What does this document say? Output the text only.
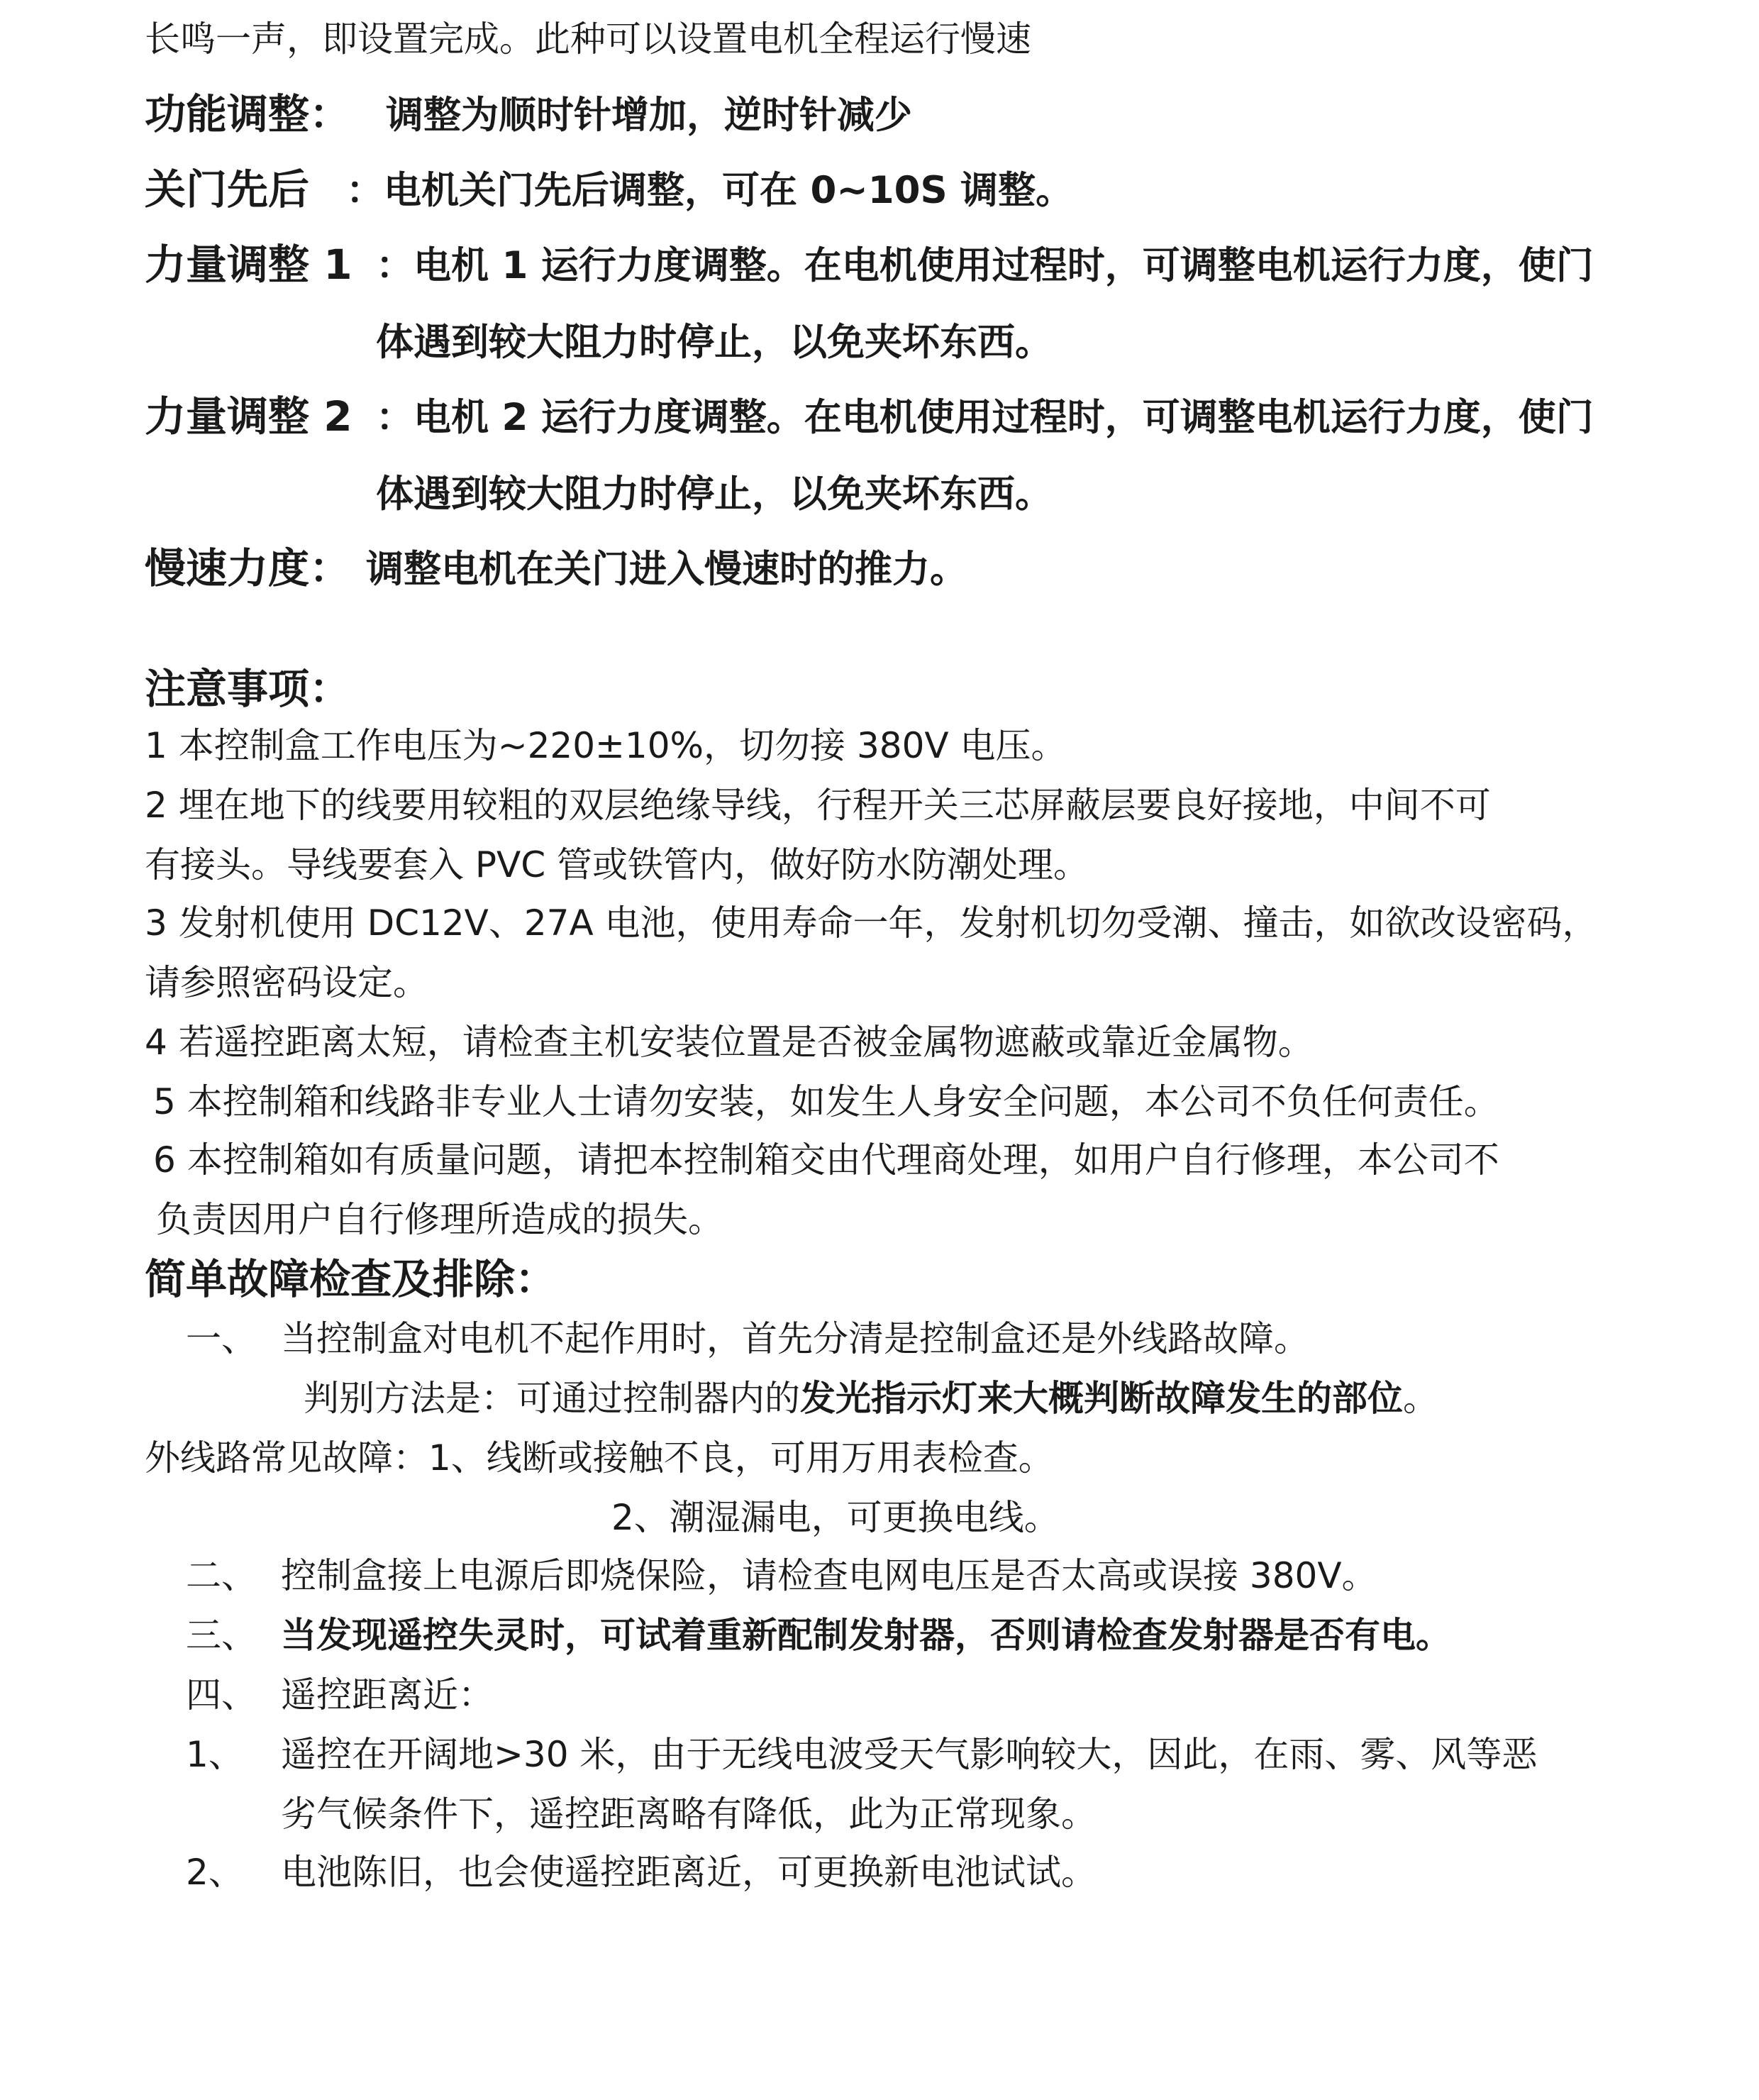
长鸣一声，即设置完成。此种可以设置电机全程运行慢速
功能调整： 调整为顺时针增加，逆时针减少
关门先后 ：电机关门先后调整，可在 0~10S 调整。
力量调整 1 ：电机 1 运行力度调整。在电机使用过程时，可调整电机运行力度，使门
体遇到较大阻力时停止，以免夹坏东西。
力量调整 2 ：电机 2 运行力度调整。在电机使用过程时，可调整电机运行力度，使门
体遇到较大阻力时停止，以免夹坏东西。
慢速力度： 调整电机在关门进入慢速时的推力。
注意事项：
1 本控制盒工作电压为~220±10%，切勿接 380V 电压。
2 埋在地下的线要用较粗的双层绝缘导线，行程开关三芯屏蔽层要良好接地，中间不可
有接头。导线要套入 PVC 管或铁管内，做好防水防潮处理。
3 发射机使用 DC12V、27A 电池，使用寿命一年，发射机切勿受潮、撞击，如欲改设密码，
请参照密码设定。
4 若遥控距离太短，请检查主机安装位置是否被金属物遮蔽或靠近金属物。
5 本控制箱和线路非专业人士请勿安装，如发生人身安全问题，本公司不负任何责任。
6 本控制箱如有质量问题，请把本控制箱交由代理商处理，如用户自行修理，本公司不
负责因用户自行修理所造成的损失。
简单故障检查及排除：
一、 当控制盒对电机不起作用时，首先分清是控制盒还是外线路故障。
判别方法是：可通过控制器内的发光指示灯来大概判断故障发生的部位。
外线路常见故障：1、线断或接触不良，可用万用表检查。
2、潮湿漏电，可更换电线。
二、 控制盒接上电源后即烧保险，请检查电网电压是否太高或误接 380V。
三、 当发现遥控失灵时，可试着重新配制发射器，否则请检查发射器是否有电。
四、 遥控距离近：
1、 遥控在开阔地>30 米，由于无线电波受天气影响较大，因此，在雨、雾、风等恶
劣气候条件下，遥控距离略有降低，此为正常现象。
2、 电池陈旧，也会使遥控距离近，可更换新电池试试。
